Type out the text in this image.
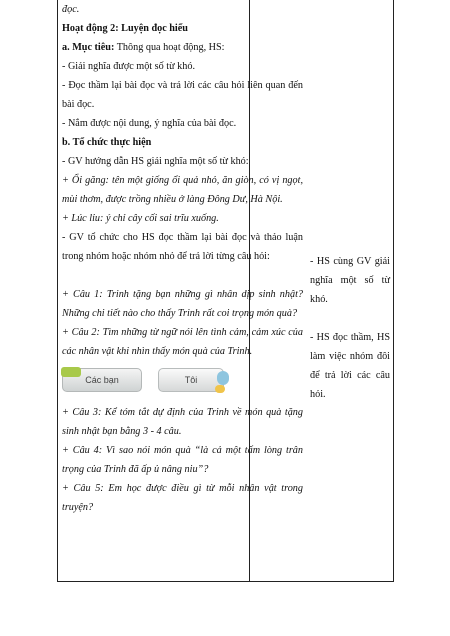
đọc.

Hoạt động 2: Luyện đọc hiểu

a. Mục tiêu: Thông qua hoạt động, HS:

- Giải nghĩa được một số từ khó.

- Đọc thầm lại bài đọc và trả lời các câu hỏi liên quan đến bài đọc.

- Nắm được nội dung, ý nghĩa của bài đọc.

b. Tổ chức thực hiện

- GV hướng dẫn HS giải nghĩa một số từ khó:

+ Ổi găng: tên một giống ổi quả nhỏ, ăn giòn, có vị ngọt, mùi thơm, được trồng nhiều ở làng Đông Dư, Hà Nội.

+ Lúc lỉu: ý chỉ cây cối sai trĩu xuống.

- GV tổ chức cho HS đọc thầm lại bài đọc và thảo luận trong nhóm hoặc nhóm nhỏ để trả lời từng câu hỏi:

+ Câu 1: Trinh tặng bạn những gì nhân dịp sinh nhật? Những chi tiết nào cho thấy Trinh rất coi trọng món quà?

+ Câu 2: Tìm những từ ngữ nói lên tình cảm, cảm xúc của các nhân vật khi nhìn thấy món quà của Trinh.

Các bạn	Tôi

+ Câu 3: Kể tóm tắt dự định của Trinh về món quà tặng sinh nhật bạn bằng 3 - 4 câu.

+ Câu 4: Vì sao nói món quà “là cả một tấm lòng trân trọng của Trinh đã ấp ủ nâng niu”?

+ Câu 5: Em học được điều gì từ mỗi nhân vật trong truyện?

- HS cùng GV giải nghĩa một số từ khó.

- HS đọc thầm, HS làm việc nhóm đôi để trả lời các câu hỏi.
